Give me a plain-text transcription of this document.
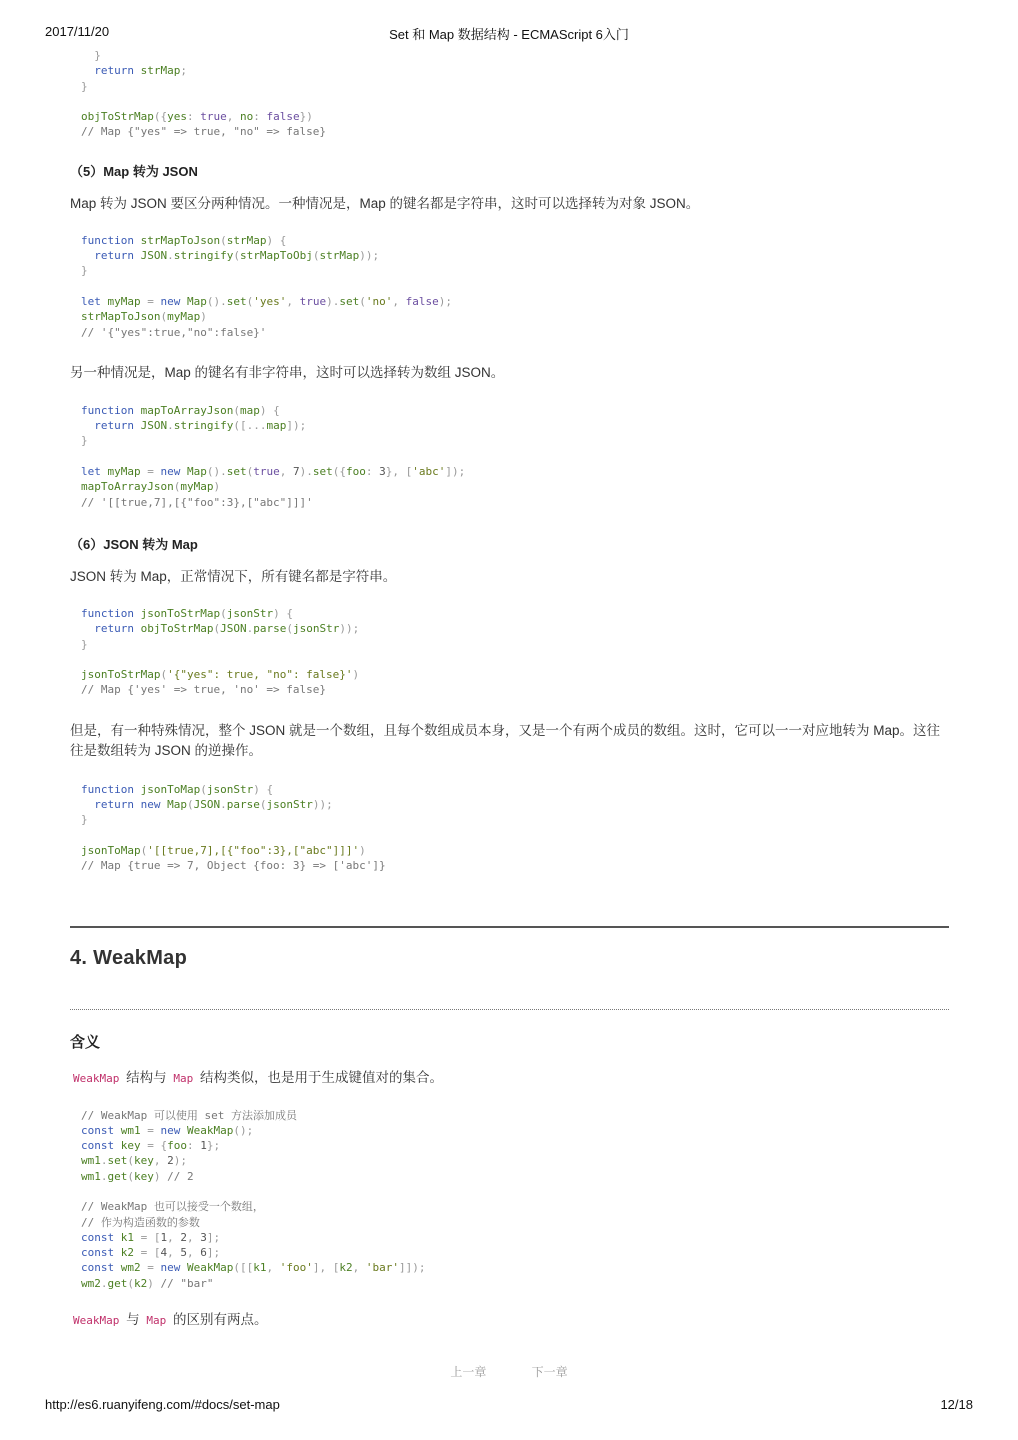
2017/11/20	Set 和 Map 数据结构 - ECMAScript 6入门
}
return strMap;
}

objToStrMap({yes: true, no: false})
// Map {"yes" => true, "no" => false}
（5）Map 转为 JSON

Map 转为 JSON 要区分两种情况。一种情况是，Map 的键名都是字符串，这时可以选择转为对象 JSON。

function strMapToJson(strMap) {
return JSON.stringify(strMapToObj(strMap));
}

let myMap = new Map().set('yes', true).set('no', false);
strMapToJson(myMap)
// '{"yes":true,"no":false}'

另一种情况是，Map 的键名有非字符串，这时可以选择转为数组 JSON。

function mapToArrayJson(map) {
return JSON.stringify([...map]);
}

let myMap = new Map().set(true, 7).set({foo: 3}, ['abc']);
mapToArrayJson(myMap)
// '[[true,7],[{"foo":3},["abc"]]]'
（6）JSON 转为 Map

JSON 转为 Map，正常情况下，所有键名都是字符串。

function jsonToStrMap(jsonStr) {
return objToStrMap(JSON.parse(jsonStr));
}

jsonToStrMap('{"yes": true, "no": false}')
// Map {'yes' => true, 'no' => false}

但是，有一种特殊情况，整个 JSON 就是一个数组，且每个数组成员本身，又是一个有两个成员的数组。这时，它可以一一对应地转为 Map。这往往是数组转为 JSON 的逆操作。

function jsonToMap(jsonStr) {
return new Map(JSON.parse(jsonStr));
}

jsonToMap('[[true,7],[{"foo":3},["abc"]]]')
// Map {true => 7, Object {foo: 3} => ['abc']}
4. WeakMap
含义

WeakMap 结构与 Map 结构类似，也是用于生成键值对的集合。

// WeakMap 可以使用 set 方法添加成员
const wm1 = new WeakMap();
const key = {foo: 1};
wm1.set(key, 2);
wm1.get(key) // 2

// WeakMap 也可以接受一个数组，
// 作为构造函数的参数
const k1 = [1, 2, 3];
const k2 = [4, 5, 6];
const wm2 = new WeakMap([[k1, 'foo'], [k2, 'bar']]);
wm2.get(k2) // "bar"

WeakMap 与 Map 的区别有两点。

上一章	下一章
http://es6.ruanyifeng.com/#docs/set-map	12/18
